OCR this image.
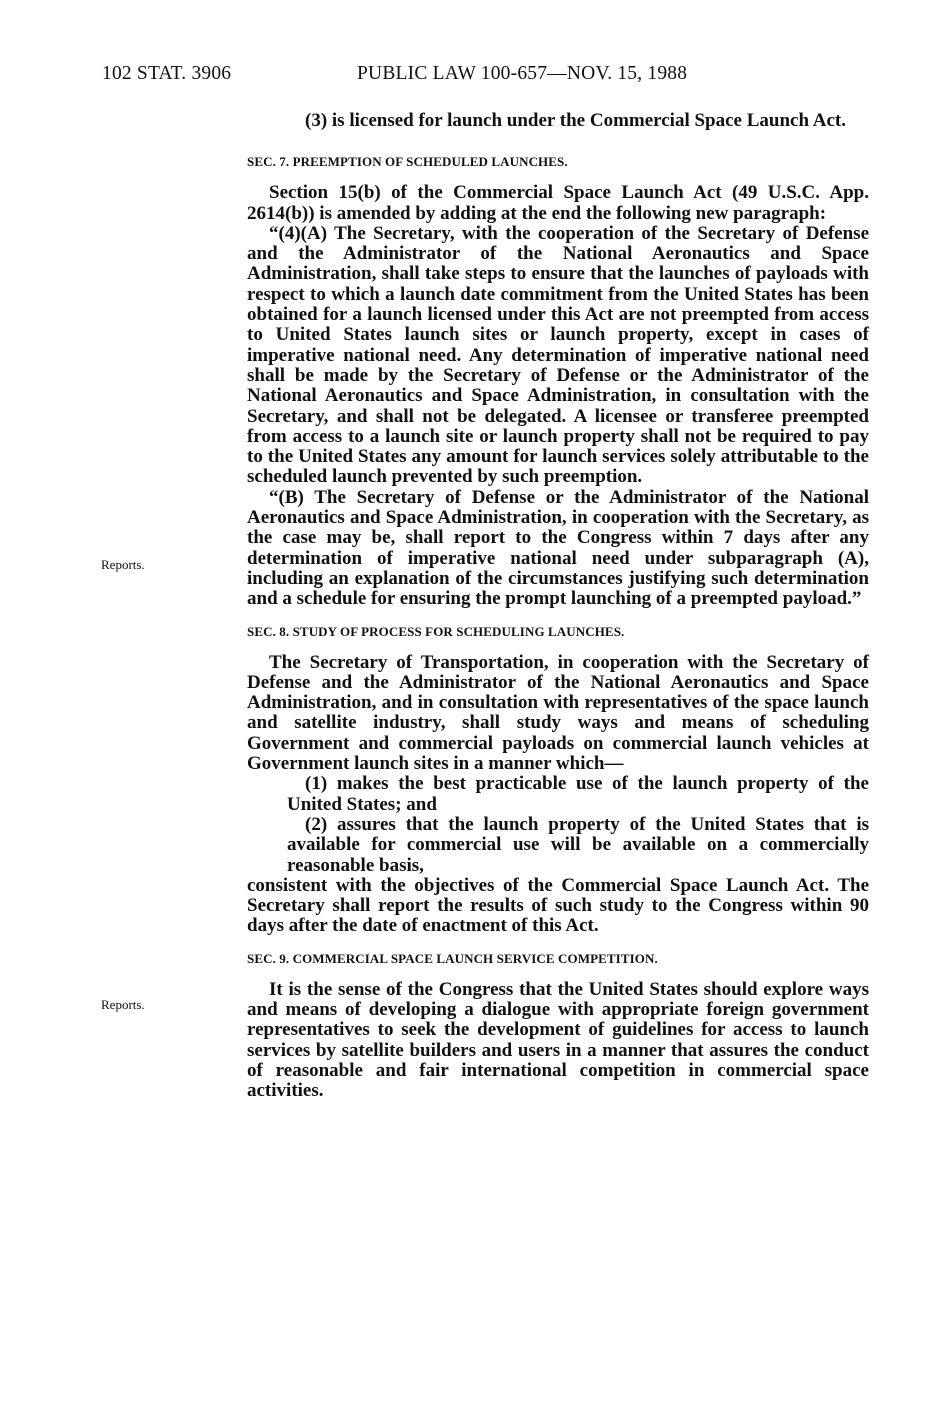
102 STAT. 3906	PUBLIC LAW 100-657—NOV. 15, 1988
Reports.
Reports.

(3) is licensed for launch under the Commercial Space Launch Act.

SEC. 7. PREEMPTION OF SCHEDULED LAUNCHES.

Section 15(b) of the Commercial Space Launch Act (49 U.S.C. App. 2614(b)) is amended by adding at the end the following new paragraph:

“(4)(A) The Secretary, with the cooperation of the Secretary of Defense and the Administrator of the National Aeronautics and Space Administration, shall take steps to ensure that the launches of payloads with respect to which a launch date commitment from the United States has been obtained for a launch licensed under this Act are not preempted from access to United States launch sites or launch property, except in cases of imperative national need. Any determination of imperative national need shall be made by the Secretary of Defense or the Administrator of the National Aeronautics and Space Administration, in consultation with the Secretary, and shall not be delegated. A licensee or transferee preempted from access to a launch site or launch property shall not be required to pay to the United States any amount for launch services solely attributable to the scheduled launch prevented by such preemption.

“(B) The Secretary of Defense or the Administrator of the National Aeronautics and Space Administration, in cooperation with the Secretary, as the case may be, shall report to the Congress within 7 days after any determination of imperative national need under subparagraph (A), including an explanation of the circumstances justifying such determination and a schedule for ensuring the prompt launching of a preempted payload.”

SEC. 8. STUDY OF PROCESS FOR SCHEDULING LAUNCHES.

The Secretary of Transportation, in cooperation with the Secretary of Defense and the Administrator of the National Aeronautics and Space Administration, and in consultation with representatives of the space launch and satellite industry, shall study ways and means of scheduling Government and commercial payloads on commercial launch vehicles at Government launch sites in a manner which—

(1) makes the best practicable use of the launch property of the United States; and

(2) assures that the launch property of the United States that is available for commercial use will be available on a commercially reasonable basis,

consistent with the objectives of the Commercial Space Launch Act. The Secretary shall report the results of such study to the Congress within 90 days after the date of enactment of this Act.

SEC. 9. COMMERCIAL SPACE LAUNCH SERVICE COMPETITION.

It is the sense of the Congress that the United States should explore ways and means of developing a dialogue with appropriate foreign government representatives to seek the development of guidelines for access to launch services by satellite builders and users in a manner that assures the conduct of reasonable and fair international competition in commercial space activities.
